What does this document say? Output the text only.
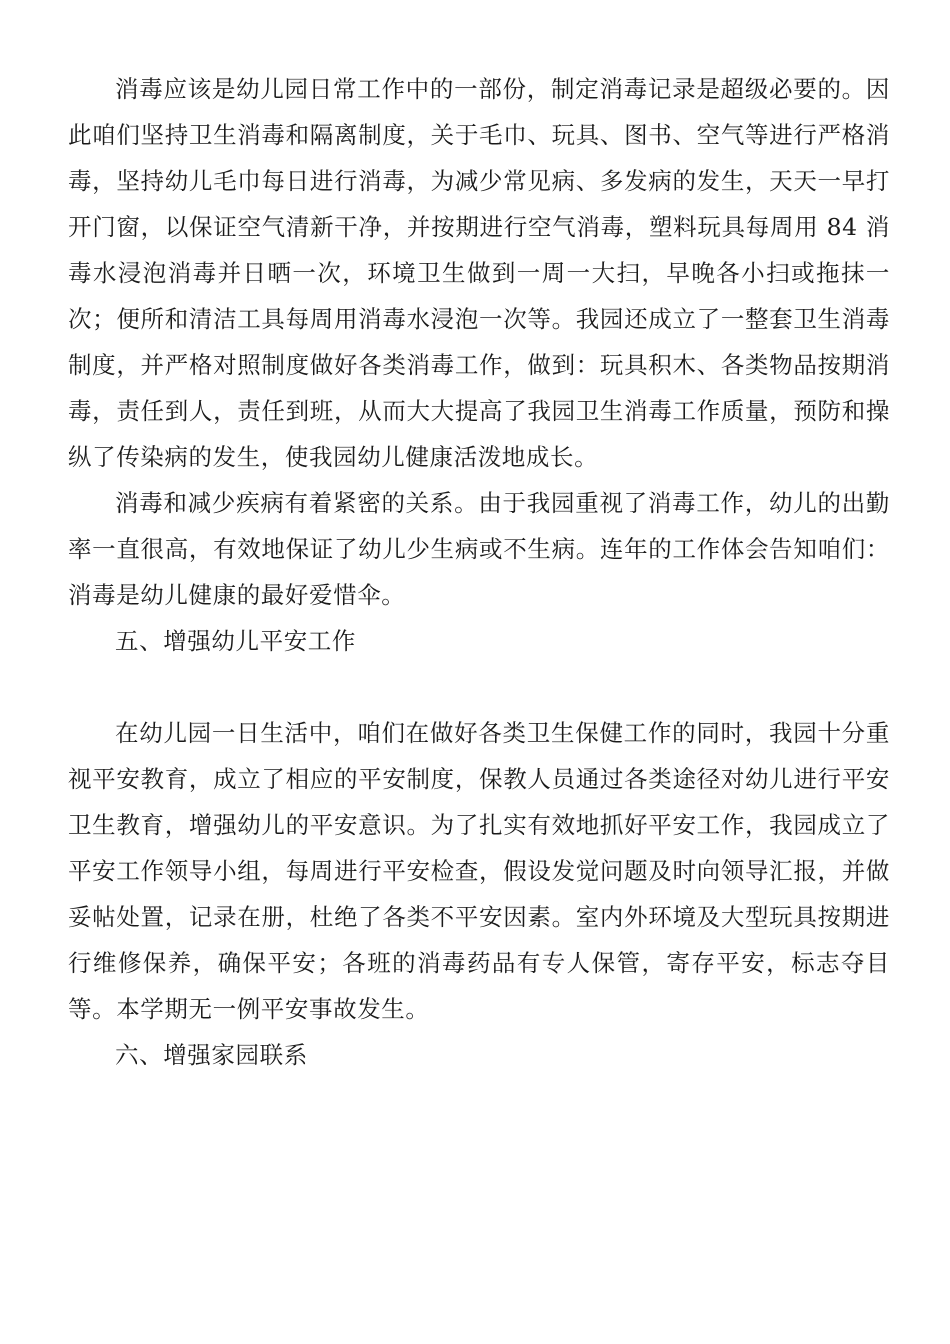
消毒应该是幼儿园日常工作中的一部份，制定消毒记录是超级必要的。因此咱们坚持卫生消毒和隔离制度，关于毛巾、玩具、图书、空气等进行严格消毒，坚持幼儿毛巾每日进行消毒，为减少常见病、多发病的发生，天天一早打开门窗，以保证空气清新干净，并按期进行空气消毒，塑料玩具每周用 84 消毒水浸泡消毒并日晒一次，环境卫生做到一周一大扫，早晚各小扫或拖抹一次；便所和清洁工具每周用消毒水浸泡一次等。我园还成立了一整套卫生消毒制度，并严格对照制度做好各类消毒工作，做到：玩具积木、各类物品按期消毒，责任到人，责任到班，从而大大提高了我园卫生消毒工作质量，预防和操纵了传染病的发生，使我园幼儿健康活泼地成长。

消毒和减少疾病有着紧密的关系。由于我园重视了消毒工作，幼儿的出勤率一直很高，有效地保证了幼儿少生病或不生病。连年的工作体会告知咱们：消毒是幼儿健康的最好爱惜伞。

五、增强幼儿平安工作

在幼儿园一日生活中，咱们在做好各类卫生保健工作的同时，我园十分重视平安教育，成立了相应的平安制度，保教人员通过各类途径对幼儿进行平安卫生教育，增强幼儿的平安意识。为了扎实有效地抓好平安工作，我园成立了平安工作领导小组，每周进行平安检查，假设发觉问题及时向领导汇报，并做妥帖处置，记录在册，杜绝了各类不平安因素。室内外环境及大型玩具按期进行维修保养，确保平安；各班的消毒药品有专人保管，寄存平安，标志夺目等。本学期无一例平安事故发生。

六、增强家园联系
